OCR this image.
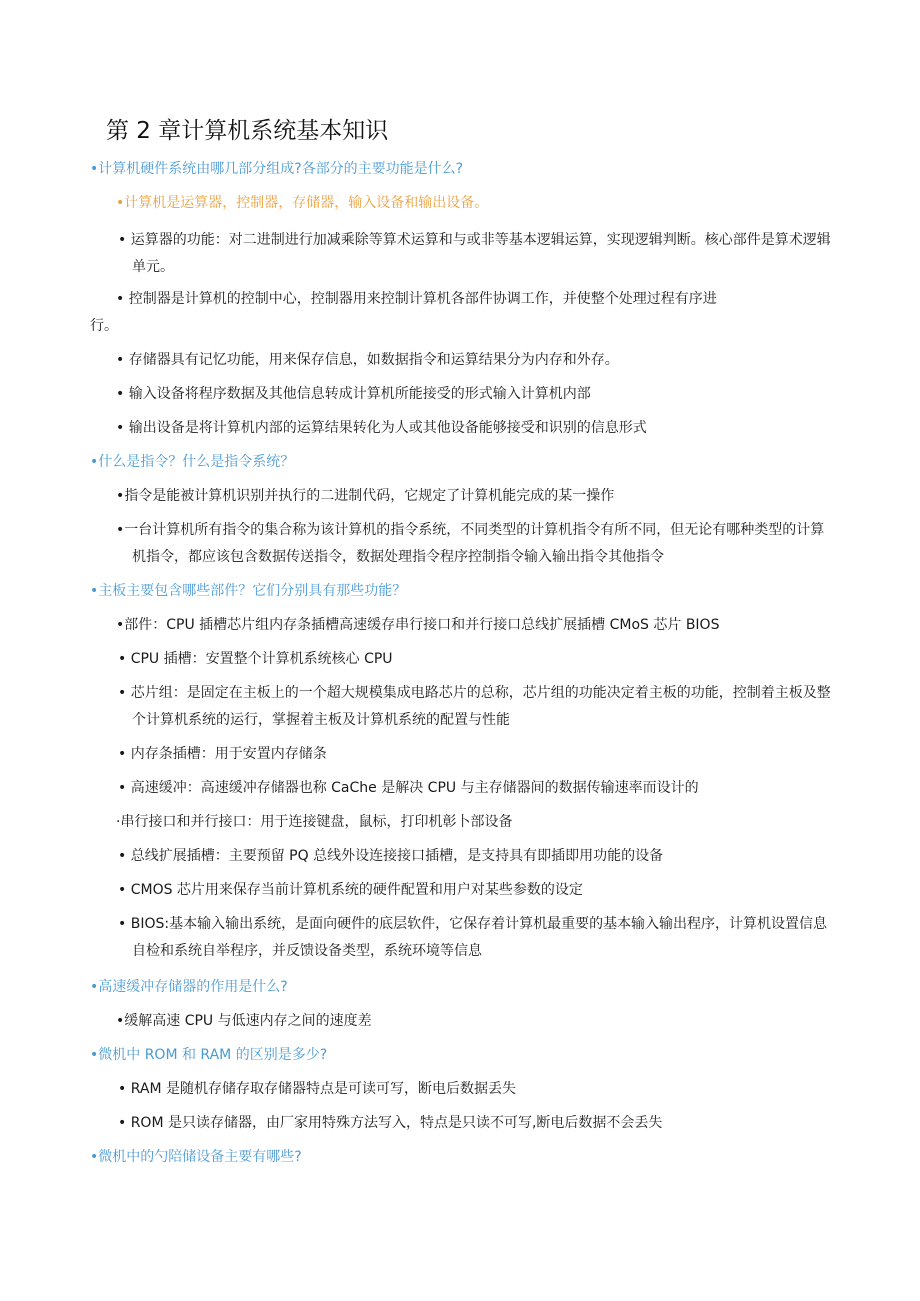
第 2 章计算机系统基本知识
•计算机硬件系统由哪几部分组成?各部分的主要功能是什么?
•计算机是运算器，控制器，存储器，输入设备和输出设备。
• 运算器的功能：对二进制进行加减乘除等算术运算和与或非等基本逻辑运算，实现逻辑判断。核心部件是算术逻辑单元。
• 控制器是计算机的控制中心，控制器用来控制计算机各部件协调工作，并使整个处理过程有序进
行。
• 存储器具有记忆功能，用来保存信息，如数据指令和运算结果分为内存和外存。
• 输入设备将程序数据及其他信息转成计算机所能接受的形式输入计算机内部
• 输出设备是将计算机内部的运算结果转化为人或其他设备能够接受和识别的信息形式
•什么是指令？什么是指令系统？
•指令是能被计算机识别并执行的二进制代码，它规定了计算机能完成的某一操作
•一台计算机所有指令的集合称为该计算机的指令系统，不同类型的计算机指令有所不同，但无论有哪种类型的计算机指令，都应该包含数据传送指令，数据处理指令程序控制指令输入输出指令其他指令
•主板主要包含哪些部件？它们分别具有那些功能？
•部件：CPU 插槽芯片组内存条插槽高速缓存串行接口和并行接口总线扩展插槽 CMoS 芯片 BIOS
• CPU 插槽：安置整个计算机系统核心 CPU
• 芯片组：是固定在主板上的一个超大规模集成电路芯片的总称，芯片组的功能决定着主板的功能，控制着主板及整个计算机系统的运行，掌握着主板及计算机系统的配置与性能
• 内存条插槽：用于安置内存储条
• 高速缓冲：高速缓冲存储器也称 CaChe 是解决 CPU 与主存储器间的数据传输速率而设计的
·串行接口和并行接口：用于连接键盘，鼠标，打印机彰卜部设备
• 总线扩展插槽：主要预留 PQ 总线外设连接接口插槽，是支持具有即插即用功能的设备
• CMOS 芯片用来保存当前计算机系统的硬件配置和用户对某些参数的设定
• BIOS:基本输入输出系统，是面向硬件的底层软件，它保存着计算机最重要的基本输入输出程序，计算机设置信息自检和系统自举程序，并反馈设备类型，系统环境等信息
•高速缓冲存储器的作用是什么?
•缓解高速 CPU 与低速内存之间的速度差
•微机中 ROM 和 RAM 的区别是多少?
• RAM 是随机存储存取存储器特点是可读可写，断电后数据丢失
• ROM 是只读存储器，由厂家用特殊方法写入，特点是只读不可写,断电后数据不会丢失
•微机中的勺陪储设备主要有哪些?
